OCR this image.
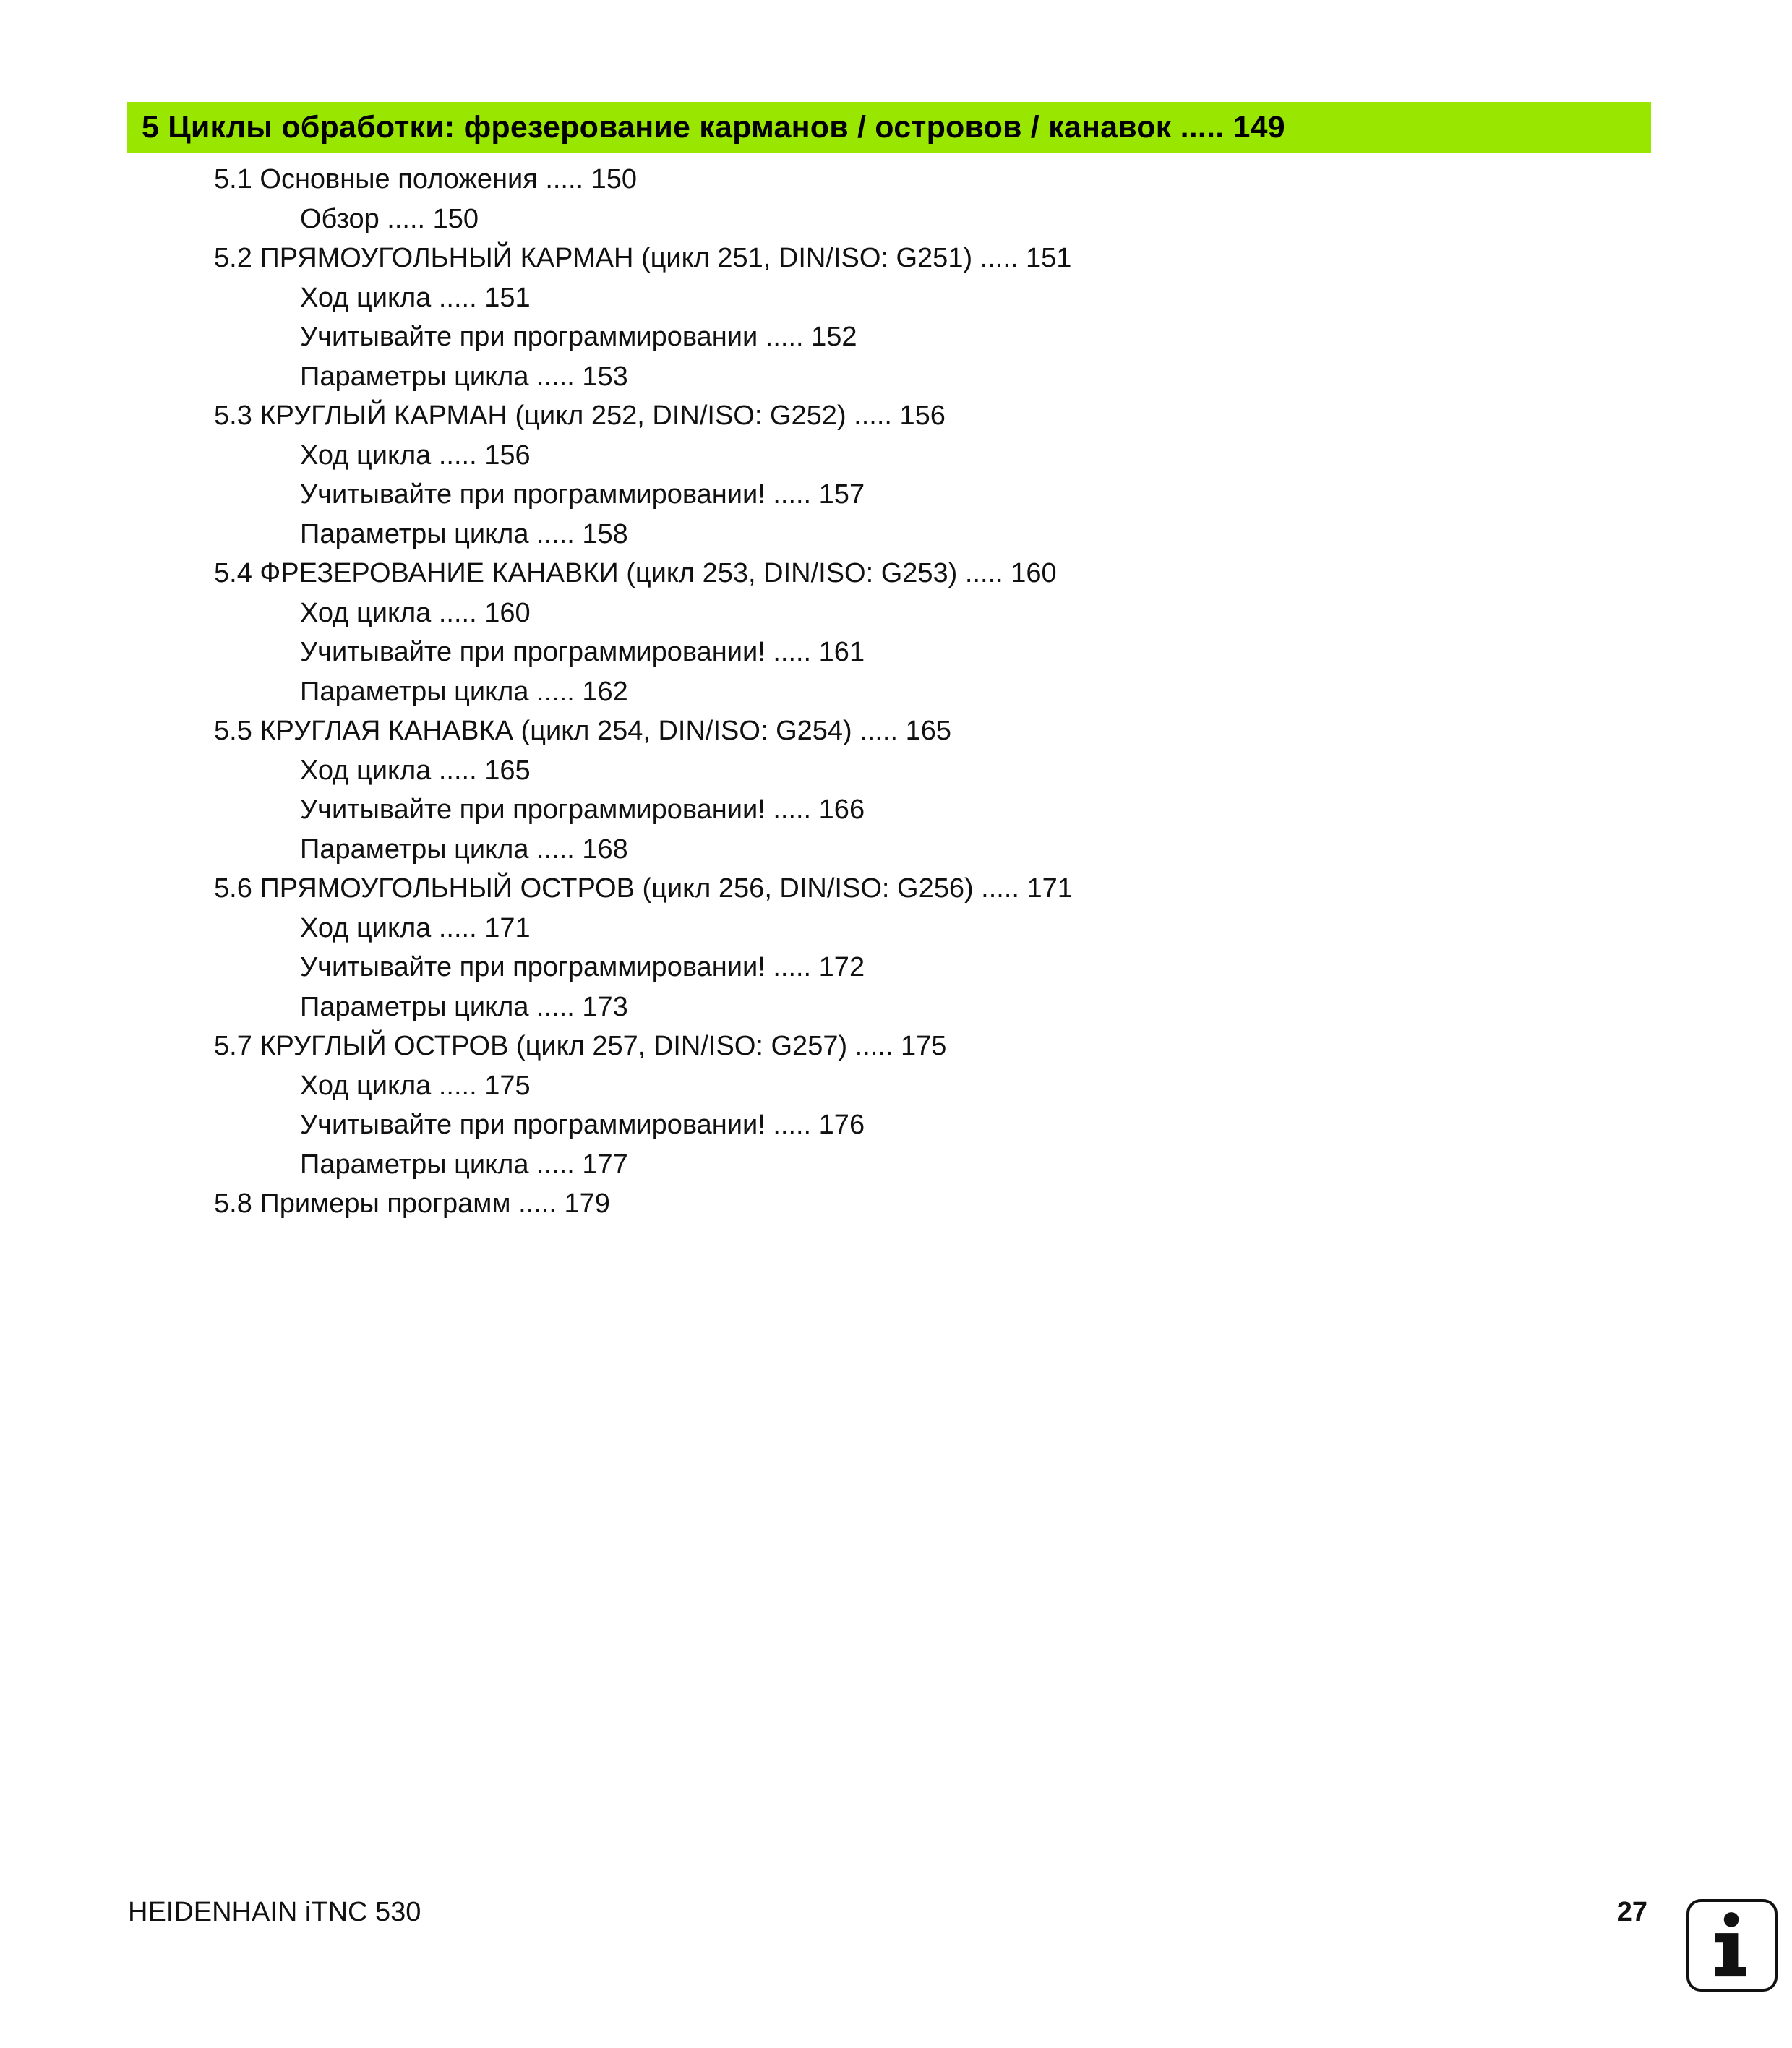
5 Циклы обработки: фрезерование карманов / островов / канавок ..... 149
5.1 Основные положения ..... 150
Обзор ..... 150
5.2 ПРЯМОУГОЛЬНЫЙ КАРМАН (цикл 251, DIN/ISO: G251) ..... 151
Ход цикла ..... 151
Учитывайте при программировании ..... 152
Параметры цикла ..... 153
5.3 КРУГЛЫЙ КАРМАН (цикл 252, DIN/ISO: G252) ..... 156
Ход цикла ..... 156
Учитывайте при программировании! ..... 157
Параметры цикла ..... 158
5.4 ФРЕЗЕРОВАНИЕ КАНАВКИ (цикл 253, DIN/ISO: G253) ..... 160
Ход цикла ..... 160
Учитывайте при программировании! ..... 161
Параметры цикла ..... 162
5.5 КРУГЛАЯ КАНАВКА (цикл 254, DIN/ISO: G254) ..... 165
Ход цикла ..... 165
Учитывайте при программировании! ..... 166
Параметры цикла ..... 168
5.6 ПРЯМОУГОЛЬНЫЙ ОСТРОВ (цикл 256, DIN/ISO: G256) ..... 171
Ход цикла ..... 171
Учитывайте при программировании! ..... 172
Параметры цикла ..... 173
5.7 КРУГЛЫЙ ОСТРОВ (цикл 257, DIN/ISO: G257) ..... 175
Ход цикла ..... 175
Учитывайте при программировании! ..... 176
Параметры цикла ..... 177
5.8 Примеры программ ..... 179
HEIDENHAIN iTNC 530	27
